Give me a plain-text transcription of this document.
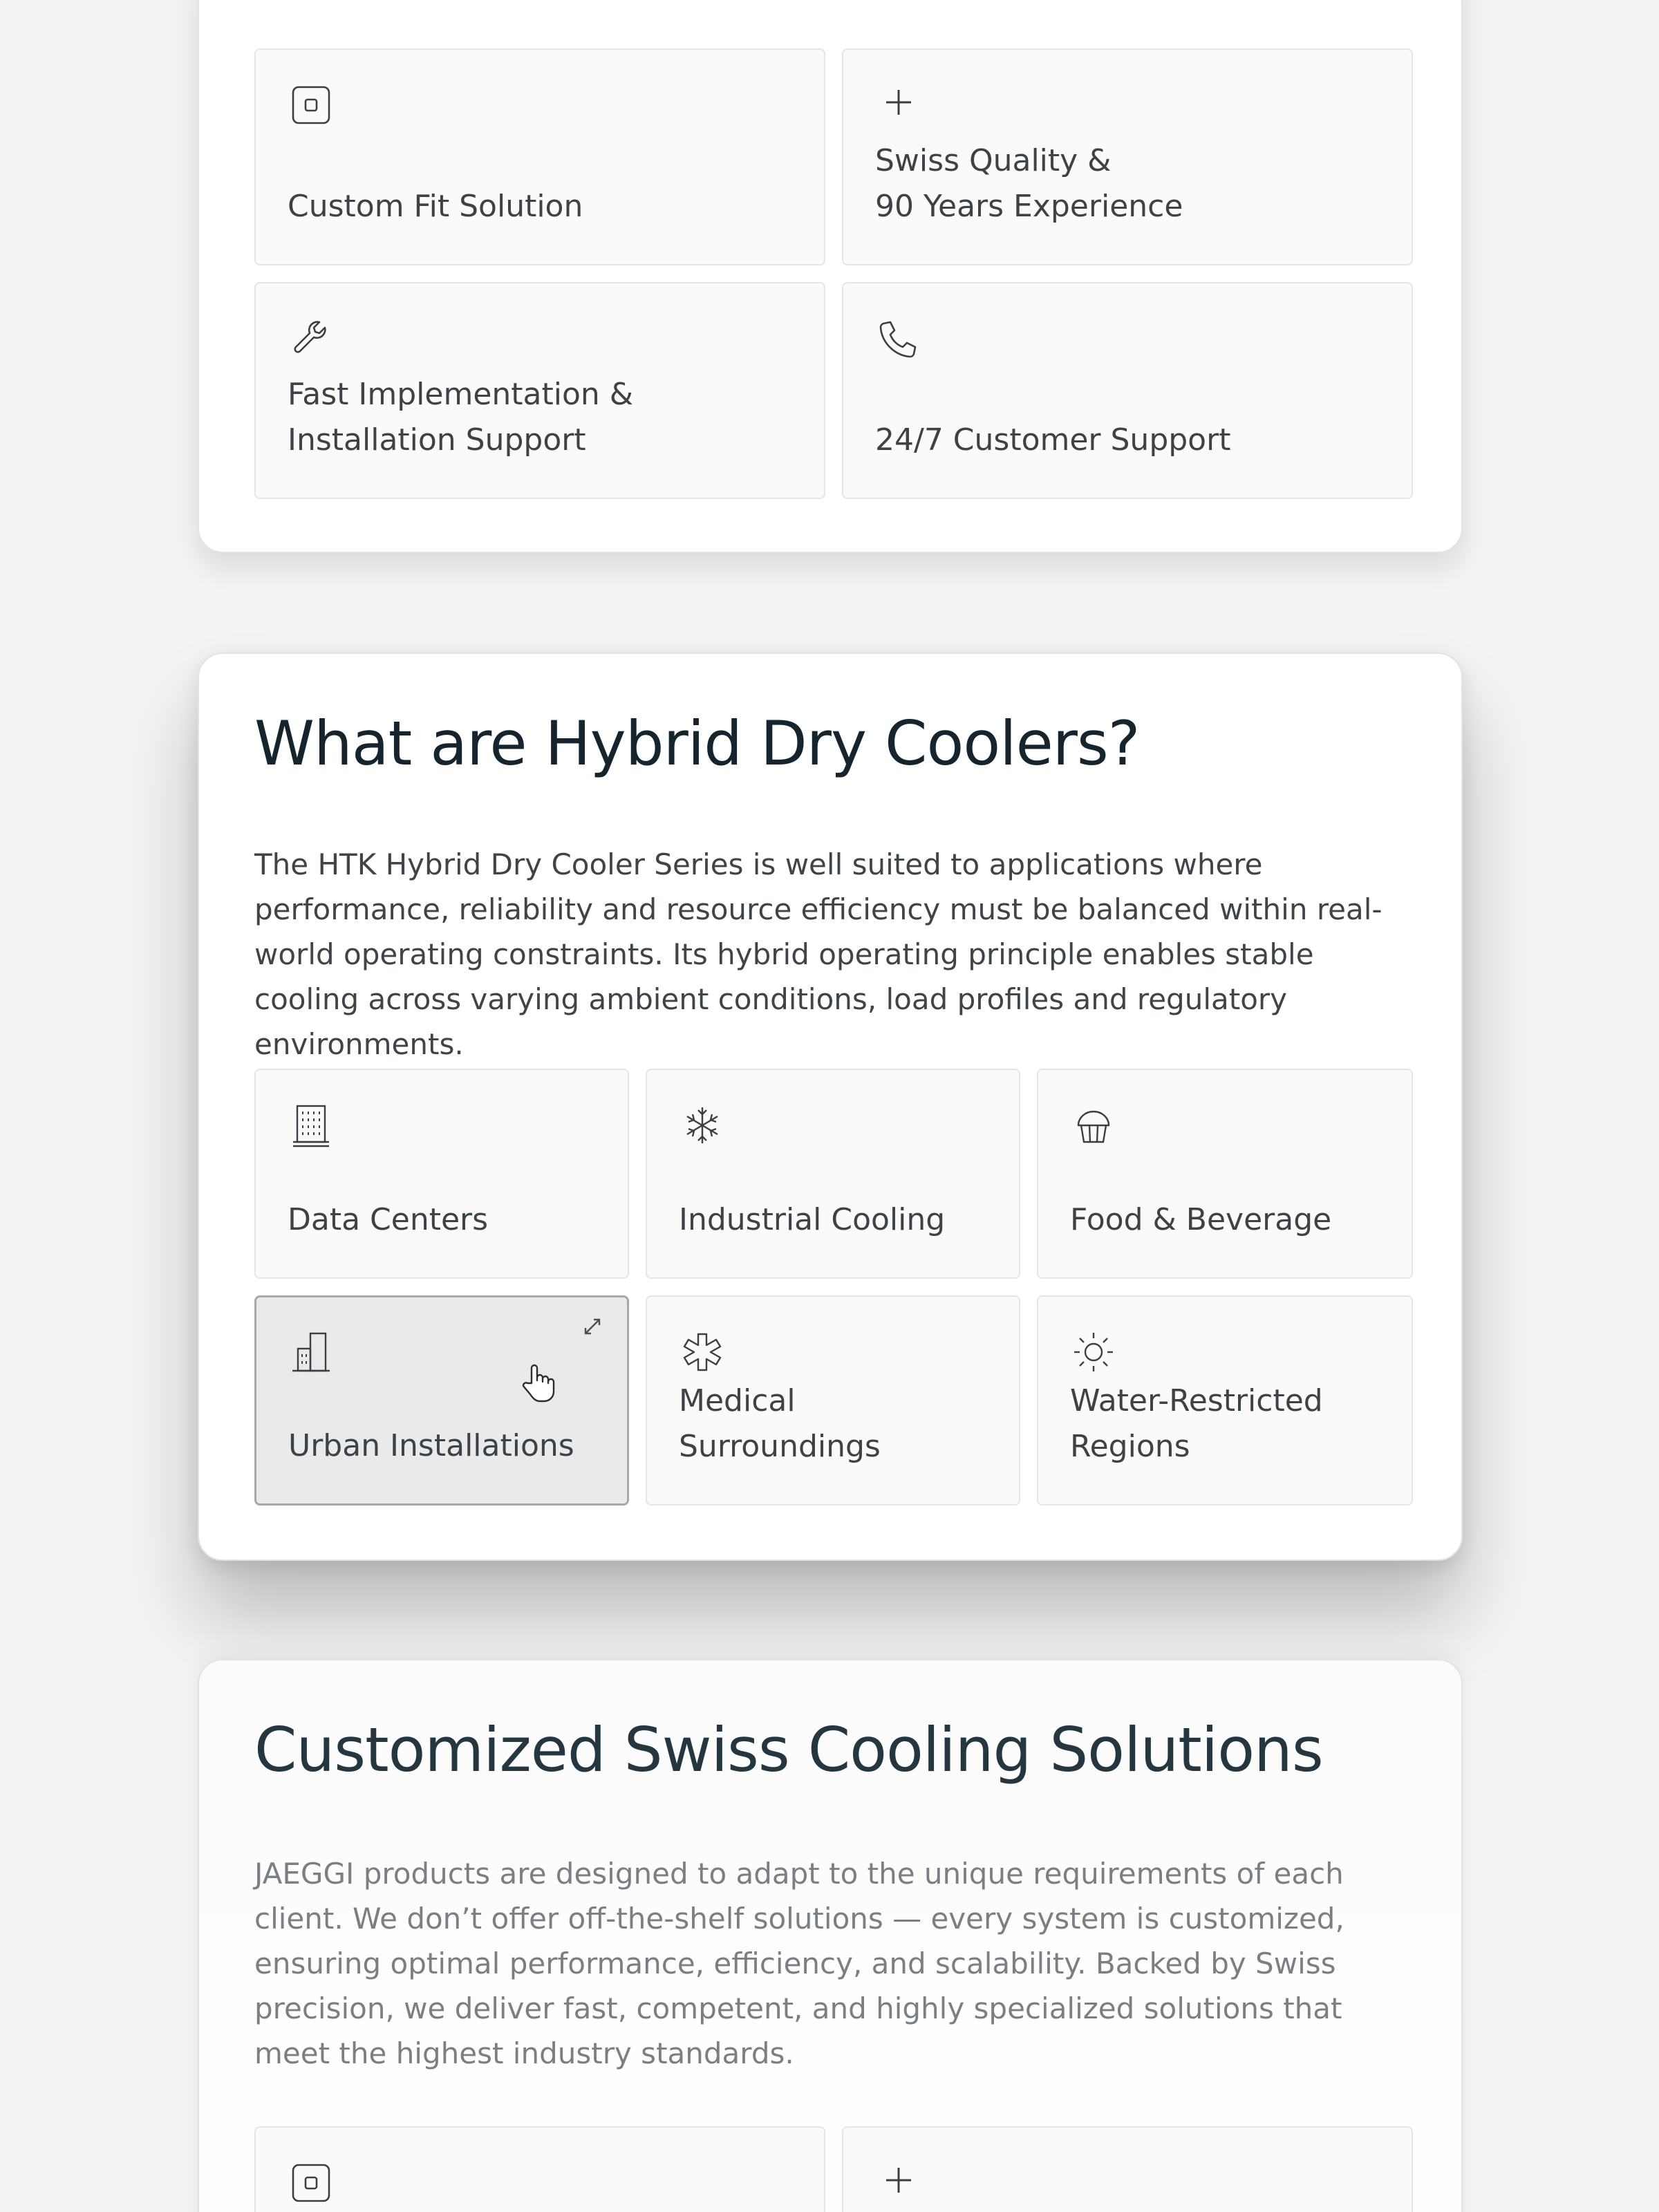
Custom Fit Solution
Swiss Quality &
90 Years Experience
Fast Implementation &
Installation Support	24/7 Customer Support
What are Hybrid Dry Coolers?

The HTK Hybrid Dry Cooler Series is well suited to applications where performance, reliability and resource efficiency must be balanced within real-world operating constraints. Its hybrid operating principle enables stable cooling across varying ambient conditions, load profiles and regulatory environments.

Data Centers	Industrial Cooling	Food & Beverage
Urban Installations
Medical
Surroundings
Water-Restricted
Regions
Customized Swiss Cooling Solutions

JAEGGI products are designed to adapt to the unique requirements of each client. We don’t offer off-the-shelf solutions — every system is customized, ensuring optimal performance, efficiency, and scalability. Backed by Swiss precision, we deliver fast, competent, and highly specialized solutions that meet the highest industry standards.
